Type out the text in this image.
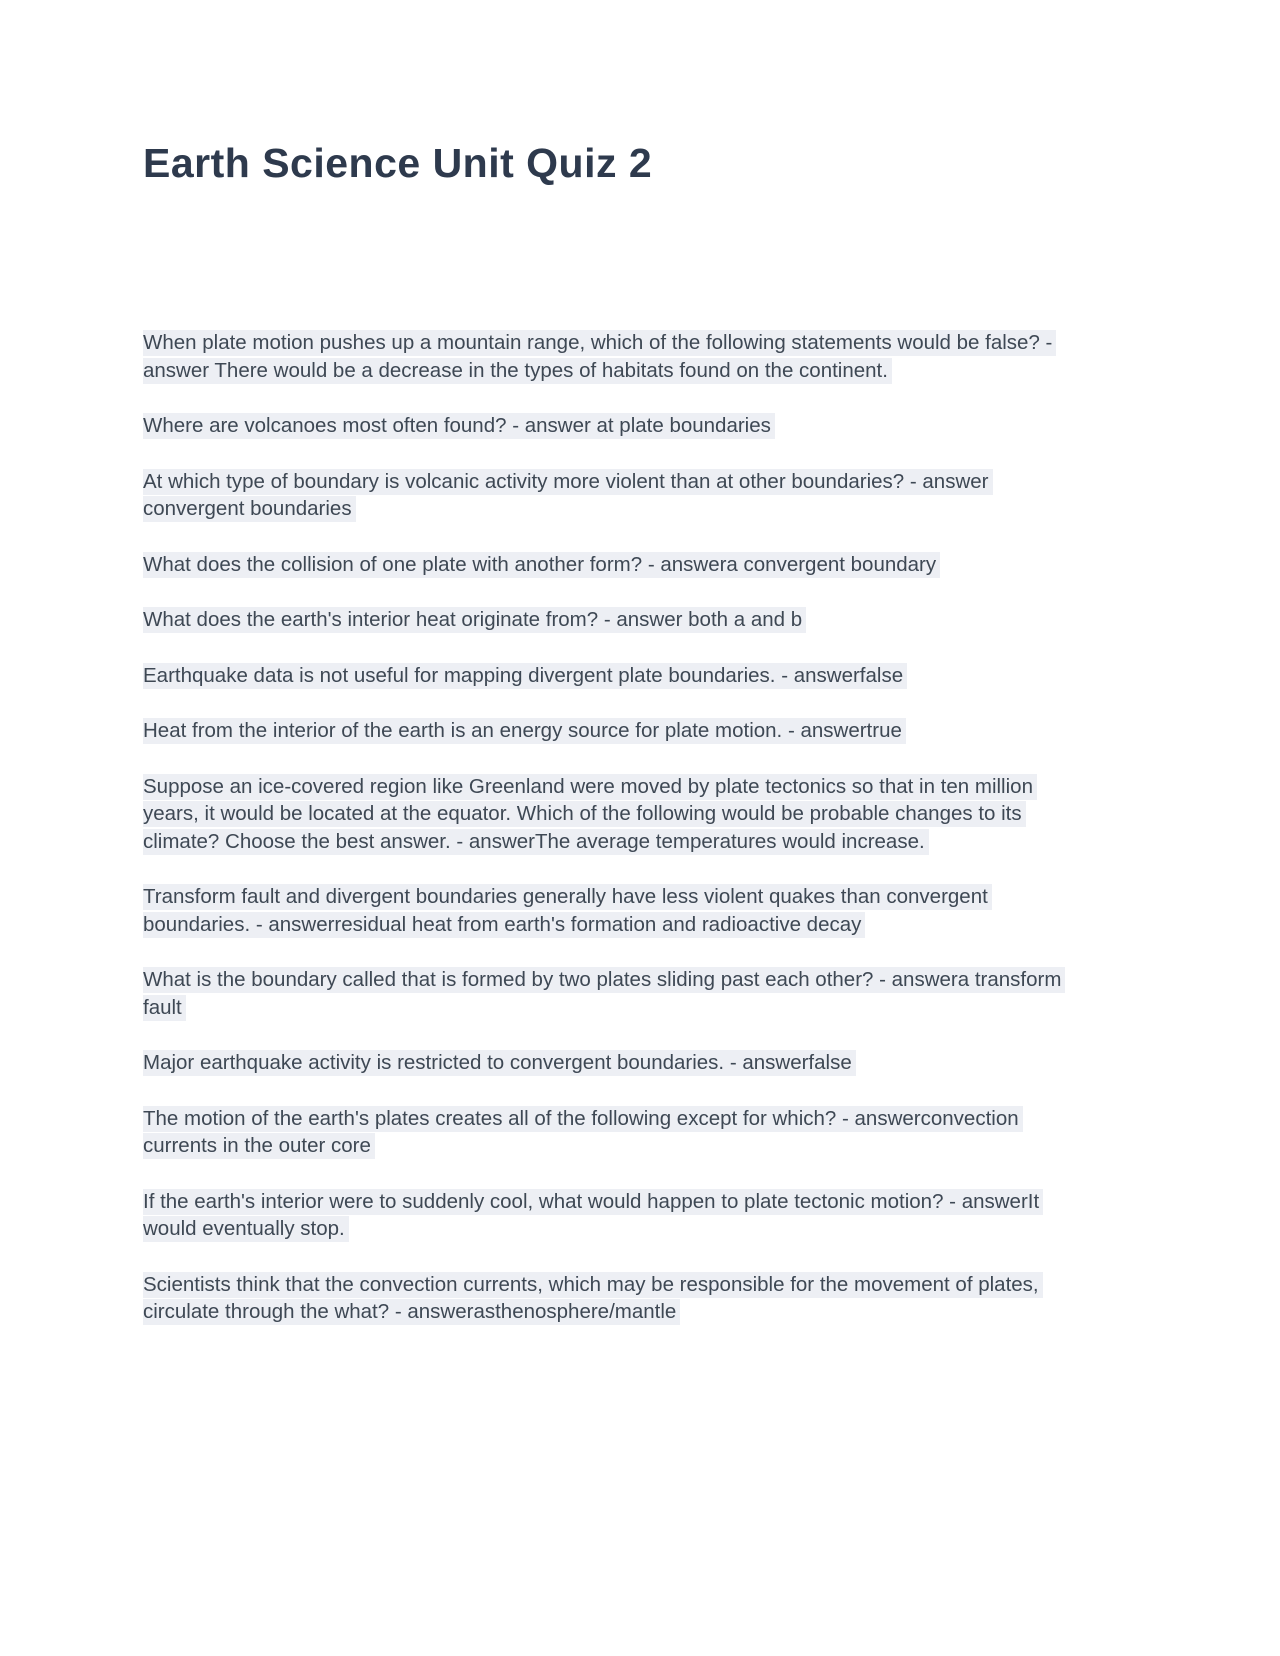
Earth Science Unit Quiz 2

When plate motion pushes up a mountain range, which of the following statements would be false? - answer There would be a decrease in the types of habitats found on the continent.

Where are volcanoes most often found? - answer at plate boundaries

At which type of boundary is volcanic activity more violent than at other boundaries? - answer convergent boundaries

What does the collision of one plate with another form? - answera convergent boundary

What does the earth's interior heat originate from? - answer both a and b

Earthquake data is not useful for mapping divergent plate boundaries. - answerfalse

Heat from the interior of the earth is an energy source for plate motion. - answertrue

Suppose an ice-covered region like Greenland were moved by plate tectonics so that in ten million years, it would be located at the equator. Which of the following would be probable changes to its climate? Choose the best answer. - answerThe average temperatures would increase.

Transform fault and divergent boundaries generally have less violent quakes than convergent boundaries. - answerresidual heat from earth's formation and radioactive decay

What is the boundary called that is formed by two plates sliding past each other? - answera transform fault

Major earthquake activity is restricted to convergent boundaries. - answerfalse

The motion of the earth's plates creates all of the following except for which? - answerconvection currents in the outer core

If the earth's interior were to suddenly cool, what would happen to plate tectonic motion? - answerIt would eventually stop.

Scientists think that the convection currents, which may be responsible for the movement of plates, circulate through the what? - answerasthenosphere/mantle
